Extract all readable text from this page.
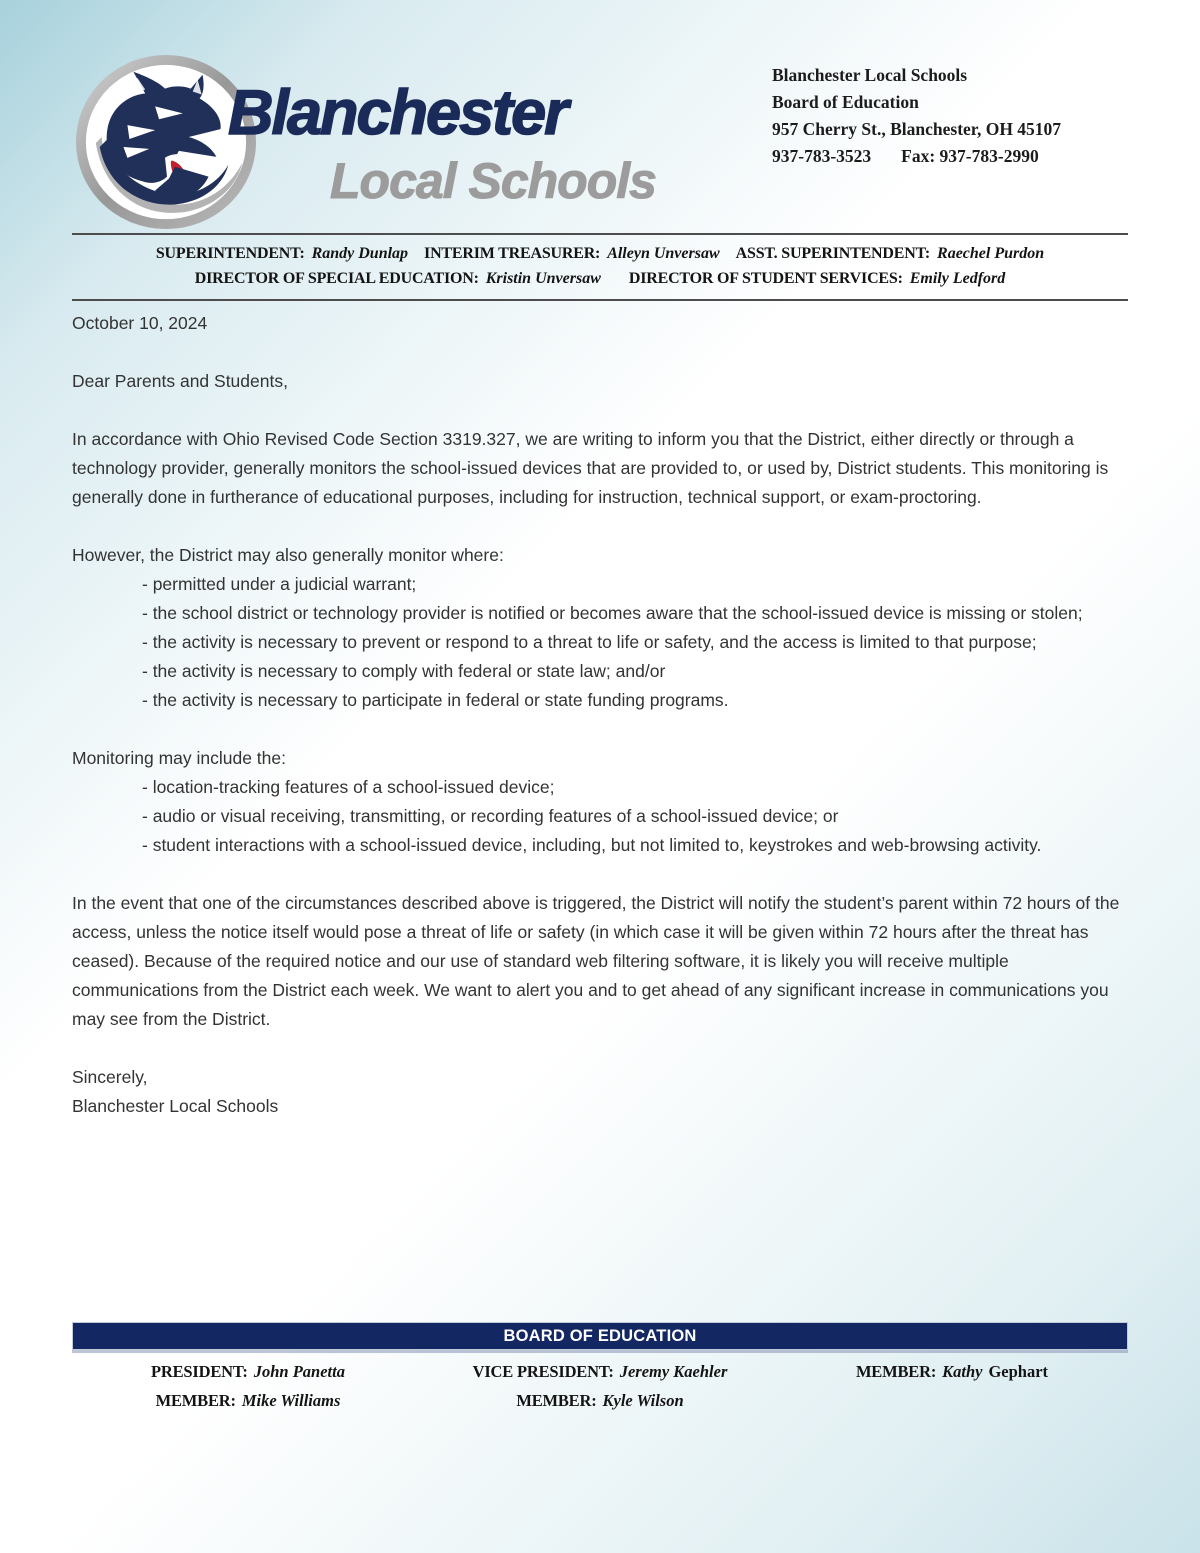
Blanchester
Local Schools
Blanchester Local Schools
Board of Education
957 Cherry St., Blanchester, OH 45107
937-783-3523 Fax: 937-783-2990
SUPERINTENDENT: Randy Dunlap INTERIM TREASURER: Alleyn Unversaw ASST. SUPERINTENDENT: Raechel Purdon
DIRECTOR OF SPECIAL EDUCATION: Kristin Unversaw DIRECTOR OF STUDENT SERVICES: Emily Ledford

October 10, 2024

Dear Parents and Students,

In accordance with Ohio Revised Code Section 3319.327, we are writing to inform you that the District, either directly or through a technology provider, generally monitors the school-issued devices that are provided to, or used by, District students. This monitoring is generally done in furtherance of educational purposes, including for instruction, technical support, or exam-proctoring.

However, the District may also generally monitor where:

- permitted under a judicial warrant;
- the school district or technology provider is notified or becomes aware that the school-issued device is missing or stolen;
- the activity is necessary to prevent or respond to a threat to life or safety, and the access is limited to that purpose;
- the activity is necessary to comply with federal or state law; and/or
- the activity is necessary to participate in federal or state funding programs.

Monitoring may include the:

- location-tracking features of a school-issued device;
- audio or visual receiving, transmitting, or recording features of a school-issued device; or
- student interactions with a school-issued device, including, but not limited to, keystrokes and web-browsing activity.

In the event that one of the circumstances described above is triggered, the District will notify the student’s parent within 72 hours of the access, unless the notice itself would pose a threat of life or safety (in which case it will be given within 72 hours after the threat has ceased). Because of the required notice and our use of standard web filtering software, it is likely you will receive multiple communications from the District each week. We want to alert you and to get ahead of any significant increase in communications you may see from the District.

Sincerely,

Blanchester Local Schools
BOARD OF EDUCATION
PRESIDENT: John Panetta	VICE PRESIDENT: Jeremy Kaehler	MEMBER: Kathy Gephart
MEMBER: Mike Williams	MEMBER: Kyle Wilson
